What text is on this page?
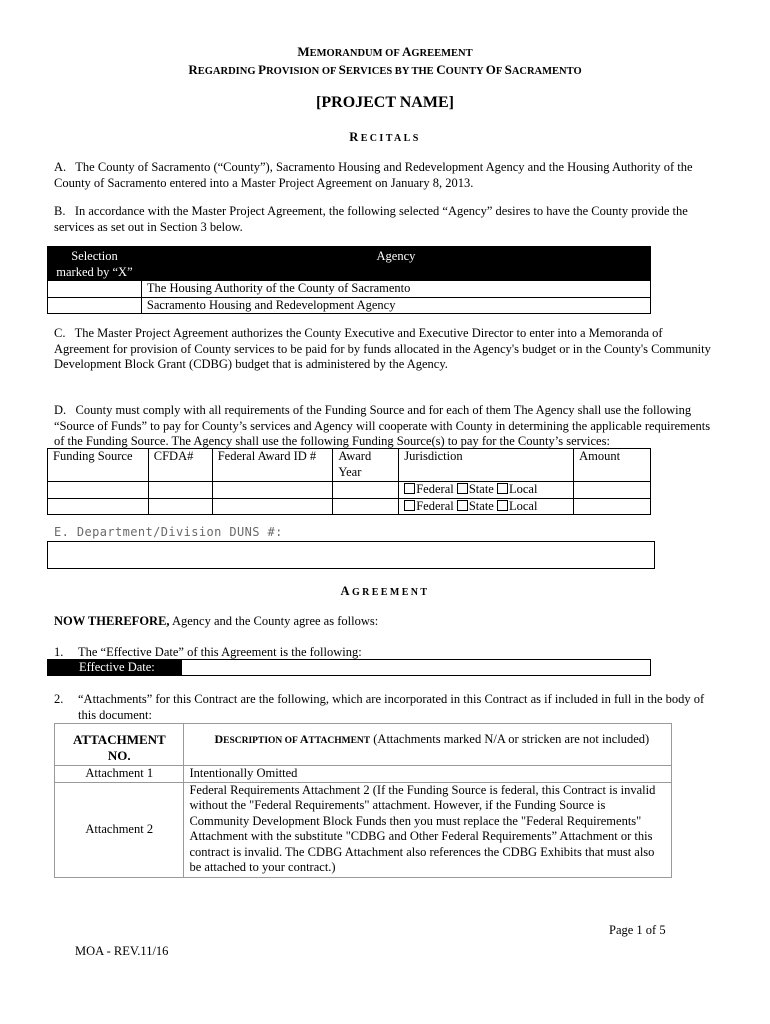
MEMORANDUM OF AGREEMENT
REGARDING PROVISION OF SERVICES BY THE COUNTY OF SACRAMENTO
[PROJECT NAME]
RECITALS
A.  The County of Sacramento (“County”), Sacramento Housing and Redevelopment Agency and the Housing Authority of the County of Sacramento entered into a Master Project Agreement on January 8, 2013.
B.  In accordance with the Master Project Agreement, the following selected “Agency” desires to have the County provide the services as set out in Section 3 below.
Selection marked by “X”	Agency
	The Housing Authority of the County of Sacramento
	Sacramento Housing and Redevelopment Agency
C.  The Master Project Agreement authorizes the County Executive and Executive Director to enter into a Memoranda of Agreement for provision of County services to be paid for by funds allocated in the Agency's budget or in the County's Community Development Block Grant (CDBG) budget that is administered by the Agency.
D.  County must comply with all requirements of the Funding Source and for each of them The Agency shall use the following “Source of Funds” to pay for County’s services and Agency will cooperate with County in determining the applicable requirements of the Funding Source. The Agency shall use the following Funding Source(s) to pay for the County’s services:
Funding Source	CFDA#	Federal Award ID #	Award Year	Jurisdiction	Amount
				Federal State Local	
				Federal State Local	
E. Department/Division DUNS #:
AGREEMENT
NOW THEREFORE, Agency and the County agree as follows:
1. The “Effective Date” of this Agreement is the following:
Effective Date:
2. “Attachments” for this Contract are the following, which are incorporated in this Contract as if included in full in the body of this document:
ATTACHMENT NO.	DESCRIPTION OF ATTACHMENT (Attachments marked N/A or stricken are not included)
Attachment 1	Intentionally Omitted
Attachment 2	Federal Requirements Attachment 2 (If the Funding Source is federal, this Contract is invalid without the "Federal Requirements" attachment. However, if the Funding Source is Community Development Block Funds then you must replace the "Federal Requirements" Attachment with the substitute "CDBG and Other Federal Requirements” Attachment or this contract is invalid. The CDBG Attachment also references the CDBG Exhibits that must also be attached to your contract.)
Page 1 of 5
MOA - REV.11/16
